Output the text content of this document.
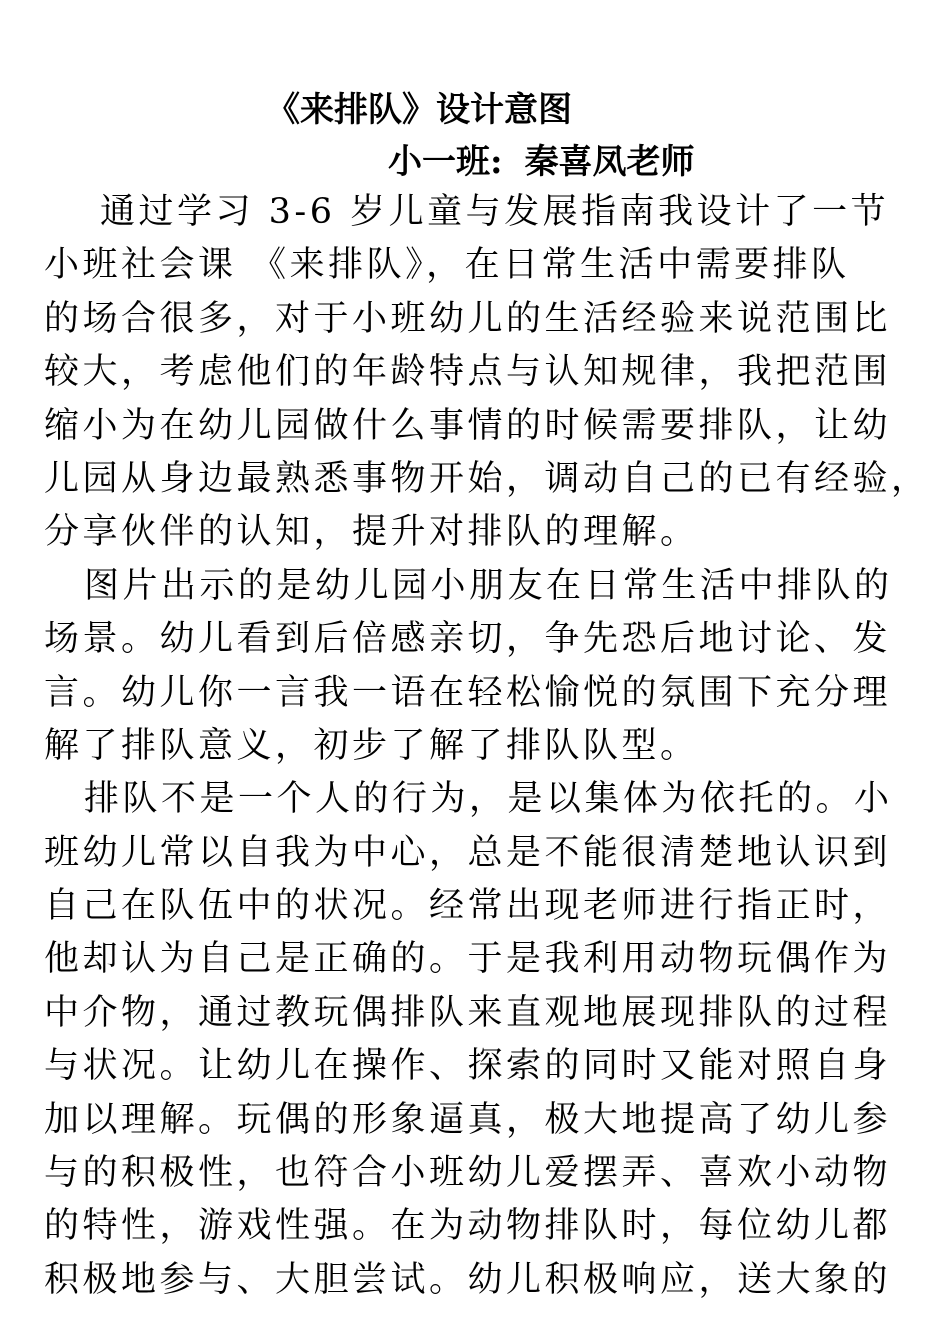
《来排队》设计意图
小一班: 秦喜凤老师
通过学习 3-6 岁儿童与发展指南我设计了一节
小班社会课 《来排队》，在日常生活中需要排队
的场合很多，对于小班幼儿的生活经验来说范围比
较大，考虑他们的年龄特点与认知规律，我把范围
缩小为在幼儿园做什么事情的时候需要排队，让幼
儿园从身边最熟悉事物开始，调动自己的已有经验，
分享伙伴的认知，提升对排队的理解。
图片出示的是幼儿园小朋友在日常生活中排队的
场景。幼儿看到后倍感亲切，争先恐后地讨论、发
言。幼儿你一言我一语在轻松愉悦的氛围下充分理
解了排队意义，初步了解了排队队型。
排队不是一个人的行为，是以集体为依托的。小
班幼儿常以自我为中心，总是不能很清楚地认识到
自己在队伍中的状况。经常出现老师进行指正时，
他却认为自己是正确的。于是我利用动物玩偶作为
中介物，通过教玩偶排队来直观地展现排队的过程
与状况。让幼儿在操作、探索的同时又能对照自身
加以理解。玩偶的形象逼真，极大地提高了幼儿参
与的积极性，也符合小班幼儿爱摆弄、喜欢小动物
的特性，游戏性强。在为动物排队时，每位幼儿都
积极地参与、大胆尝试。幼儿积极响应，送大象的
